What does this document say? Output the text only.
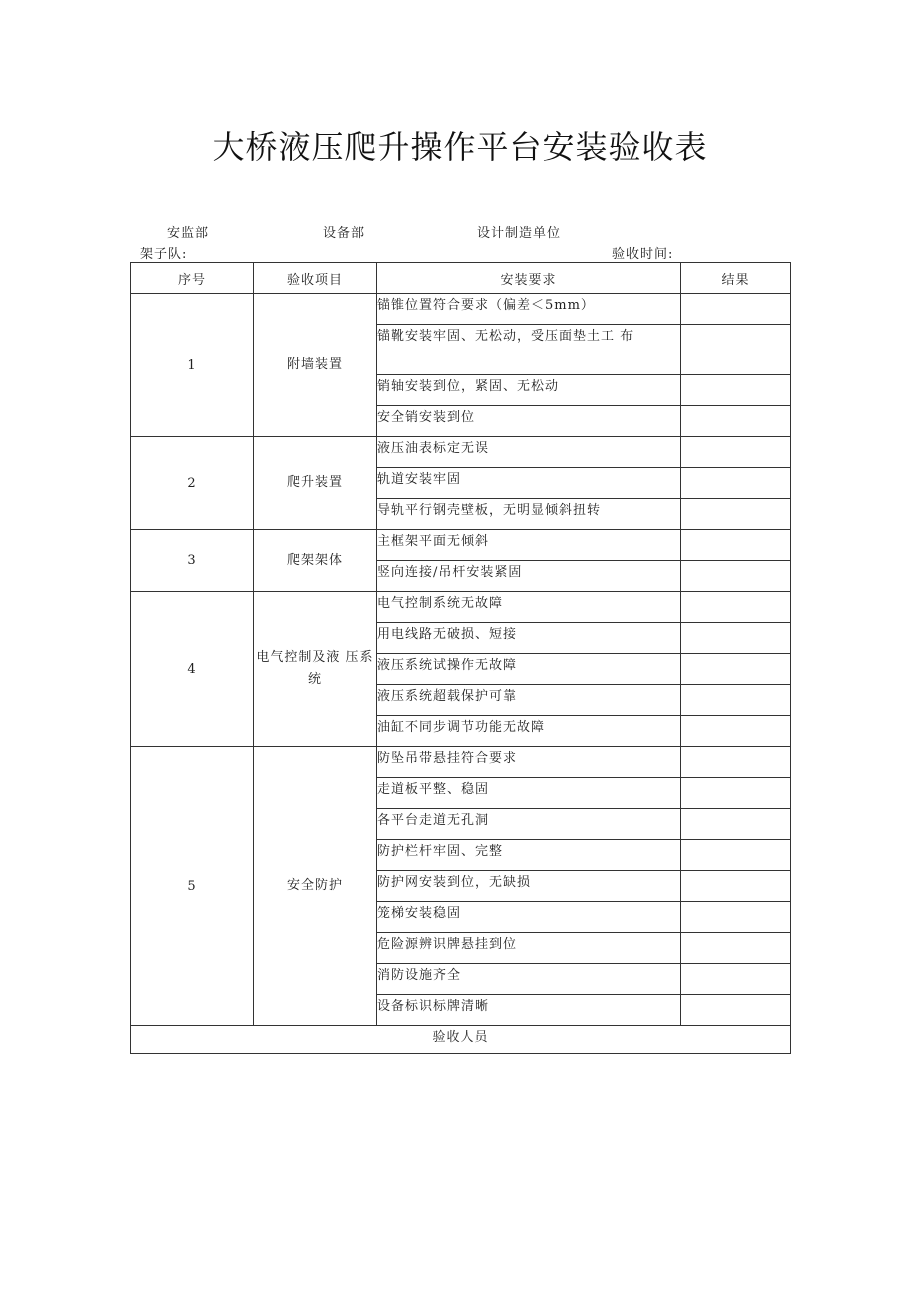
大桥液压爬升操作平台安装验收表
安监部	设备部	设计制造单位
架子队:	验收时间:
序号	验收项目	安装要求	结果
1	附墙装置	锚锥位置符合要求（偏差＜5mm）	
		锚靴安装牢固、无松动，受压面垫土工 布	
		销轴安装到位，紧固、无松动	
		安全销安装到位	
2	爬升装置	液压油表标定无误	
		轨道安装牢固	
		导轨平行钢壳壁板，无明显倾斜扭转	
3	爬架架体	主框架平面无倾斜	
		竖向连接/吊杆安装紧固	
4	电气控制及液 压系统	电气控制系统无故障	
		用电线路无破损、短接	
		液压系统试操作无故障	
		液压系统超载保护可靠	
		油缸不同步调节功能无故障	
5	安全防护	防坠吊带悬挂符合要求	
		走道板平整、稳固	
		各平台走道无孔洞	
		防护栏杆牢固、完整	
		防护网安装到位，无缺损	
		笼梯安装稳固	
		危险源辨识牌悬挂到位	
		消防设施齐全	
		设备标识标牌清晰	
验收人员			
